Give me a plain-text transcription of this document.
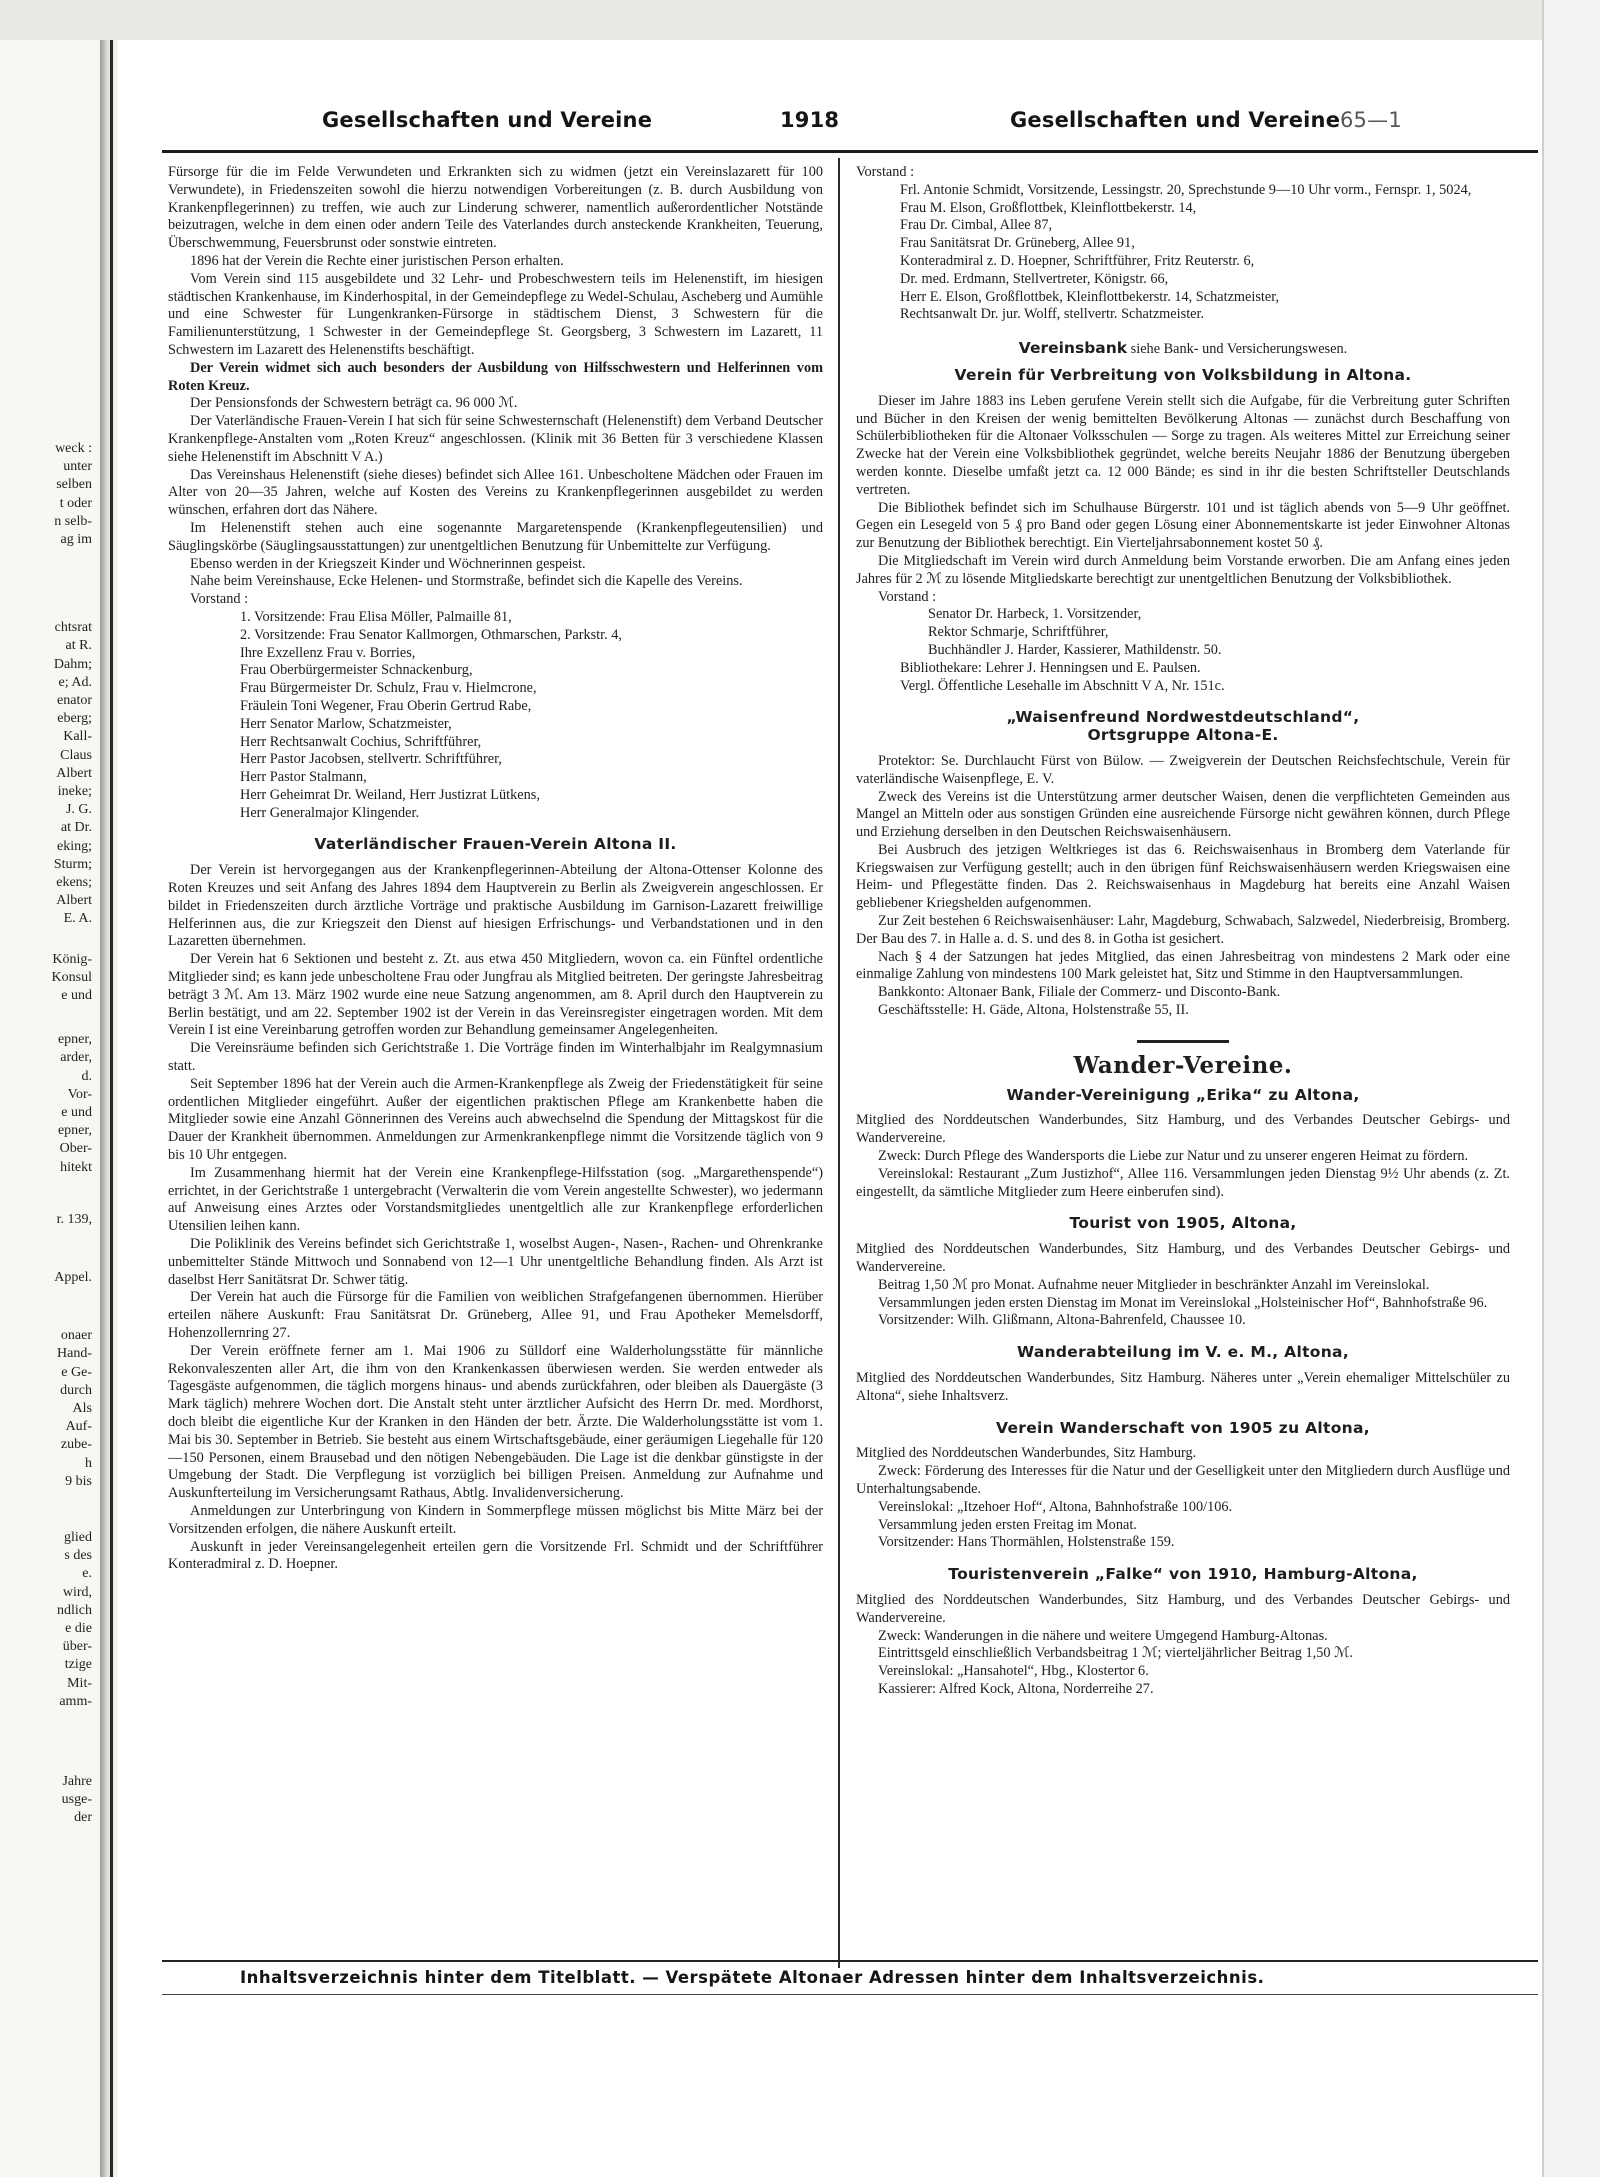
weck :
unter
selben
t oder
n selb-
ag im
chtsrat
at R.
Dahm;
e; Ad.
enator
eberg;
Kall-
Claus
Albert
ineke;
J. G.
at Dr.
eking;
Sturm;
ekens;
Albert
E. A.
König-
Konsul
e und
epner,
arder,
d.
Vor-
e und
epner,
Ober-
hitekt
r. 139,
Appel.
onaer
Hand-
e Ge-
durch
Als
Auf-
zube-
h
9 bis
glied
s des
e.
wird,
ndlich
e die
über-
tzige
Mit-
amm-
Jahre
usge-
der
Gesellschaften und Vereine	1918	Gesellschaften und Vereine 65—1

Fürsorge für die im Felde Verwundeten und Erkrankten sich zu widmen (jetzt ein Vereinslazarett für 100 Verwundete), in Friedenszeiten sowohl die hierzu notwendigen Vorbereitungen (z. B. durch Ausbildung von Krankenpflegerinnen) zu treffen, wie auch zur Linderung schwerer, namentlich außerordentlicher Notstände beizutragen, welche in dem einen oder andern Teile des Vaterlandes durch ansteckende Krankheiten, Teuerung, Überschwemmung, Feuersbrunst oder sonstwie eintreten.

1896 hat der Verein die Rechte einer juristischen Person erhalten.

Vom Verein sind 115 ausgebildete und 32 Lehr- und Probeschwestern teils im Helenenstift, im hiesigen städtischen Krankenhause, im Kinderhospital, in der Gemeindepflege zu Wedel-Schulau, Ascheberg und Aumühle und eine Schwester für Lungenkranken-Fürsorge in städtischem Dienst, 3 Schwestern für die Familienunterstützung, 1 Schwester in der Gemeindepflege St. Georgsberg, 3 Schwestern im Lazarett, 11 Schwestern im Lazarett des Helenenstifts beschäftigt.

Der Verein widmet sich auch besonders der Ausbildung von Hilfsschwestern und Helferinnen vom Roten Kreuz.

Der Pensionsfonds der Schwestern beträgt ca. 96 000 ℳ.

Der Vaterländische Frauen-Verein I hat sich für seine Schwesternschaft (Helenenstift) dem Verband Deutscher Krankenpflege-Anstalten vom „Roten Kreuz“ angeschlossen. (Klinik mit 36 Betten für 3 verschiedene Klassen siehe Helenenstift im Abschnitt V A.)

Das Vereinshaus Helenenstift (siehe dieses) befindet sich Allee 161. Unbescholtene Mädchen oder Frauen im Alter von 20—35 Jahren, welche auf Kosten des Vereins zu Krankenpflegerinnen ausgebildet zu werden wünschen, erfahren dort das Nähere.

Im Helenenstift stehen auch eine sogenannte Margaretenspende (Krankenpflegeutensilien) und Säuglingskörbe (Säuglingsausstattungen) zur unentgeltlichen Benutzung für Unbemittelte zur Verfügung.

Ebenso werden in der Kriegszeit Kinder und Wöchnerinnen gespeist.

Nahe beim Vereinshause, Ecke Helenen- und Stormstraße, befindet sich die Kapelle des Vereins.

Vorstand :

1. Vorsitzende: Frau Elisa Möller, Palmaille 81,
2. Vorsitzende: Frau Senator Kallmorgen, Othmarschen, Parkstr. 4,
Ihre Exzellenz Frau v. Borries,
Frau Oberbürgermeister Schnackenburg,
Frau Bürgermeister Dr. Schulz, Frau v. Hielmcrone,
Fräulein Toni Wegener, Frau Oberin Gertrud Rabe,
Herr Senator Marlow, Schatzmeister,
Herr Rechtsanwalt Cochius, Schriftführer,
Herr Pastor Jacobsen, stellvertr. Schriftführer,
Herr Pastor Stalmann,
Herr Geheimrat Dr. Weiland, Herr Justizrat Lütkens,
Herr Generalmajor Klingender.
Vaterländischer Frauen-Verein Altona II.

Der Verein ist hervorgegangen aus der Krankenpflegerinnen-Abteilung der Altona-Ottenser Kolonne des Roten Kreuzes und seit Anfang des Jahres 1894 dem Hauptverein zu Berlin als Zweigverein angeschlossen. Er bildet in Friedenszeiten durch ärztliche Vorträge und praktische Ausbildung im Garnison-Lazarett freiwillige Helferinnen aus, die zur Kriegszeit den Dienst auf hiesigen Erfrischungs- und Verbandstationen und in den Lazaretten übernehmen.

Der Verein hat 6 Sektionen und besteht z. Zt. aus etwa 450 Mitgliedern, wovon ca. ein Fünftel ordentliche Mitglieder sind; es kann jede unbescholtene Frau oder Jungfrau als Mitglied beitreten. Der geringste Jahresbeitrag beträgt 3 ℳ. Am 13. März 1902 wurde eine neue Satzung angenommen, am 8. April durch den Hauptverein zu Berlin bestätigt, und am 22. September 1902 ist der Verein in das Vereinsregister eingetragen worden. Mit dem Verein I ist eine Vereinbarung getroffen worden zur Behandlung gemeinsamer Angelegenheiten.

Die Vereinsräume befinden sich Gerichtstraße 1. Die Vorträge finden im Winterhalbjahr im Realgymnasium statt.

Seit September 1896 hat der Verein auch die Armen-Krankenpflege als Zweig der Friedenstätigkeit für seine ordentlichen Mitglieder eingeführt. Außer der eigentlichen praktischen Pflege am Krankenbette haben die Mitglieder sowie eine Anzahl Gönnerinnen des Vereins auch abwechselnd die Spendung der Mittagskost für die Dauer der Krankheit übernommen. Anmeldungen zur Armenkrankenpflege nimmt die Vorsitzende täglich von 9 bis 10 Uhr entgegen.

Im Zusammenhang hiermit hat der Verein eine Krankenpflege-Hilfsstation (sog. „Margarethenspende“) errichtet, in der Gerichtstraße 1 untergebracht (Verwalterin die vom Verein angestellte Schwester), wo jedermann auf Anweisung eines Arztes oder Vorstandsmitgliedes unentgeltlich alle zur Krankenpflege erforderlichen Utensilien leihen kann.

Die Poliklinik des Vereins befindet sich Gerichtstraße 1, woselbst Augen-, Nasen-, Rachen- und Ohrenkranke unbemittelter Stände Mittwoch und Sonnabend von 12—1 Uhr unentgeltliche Behandlung finden. Als Arzt ist daselbst Herr Sanitätsrat Dr. Schwer tätig.

Der Verein hat auch die Fürsorge für die Familien von weiblichen Strafgefangenen übernommen. Hierüber erteilen nähere Auskunft: Frau Sanitätsrat Dr. Grüneberg, Allee 91, und Frau Apotheker Memelsdorff, Hohenzollernring 27.

Der Verein eröffnete ferner am 1. Mai 1906 zu Sülldorf eine Walderholungsstätte für männliche Rekonvaleszenten aller Art, die ihm von den Krankenkassen überwiesen werden. Sie werden entweder als Tagesgäste aufgenommen, die täglich morgens hinaus- und abends zurückfahren, oder bleiben als Dauergäste (3 Mark täglich) mehrere Wochen dort. Die Anstalt steht unter ärztlicher Aufsicht des Herrn Dr. med. Mordhorst, doch bleibt die eigentliche Kur der Kranken in den Händen der betr. Ärzte. Die Walderholungsstätte ist vom 1. Mai bis 30. September in Betrieb. Sie besteht aus einem Wirtschaftsgebäude, einer geräumigen Liegehalle für 120—150 Personen, einem Brausebad und den nötigen Nebengebäuden. Die Lage ist die denkbar günstigste in der Umgebung der Stadt. Die Verpflegung ist vorzüglich bei billigen Preisen. Anmeldung zur Aufnahme und Auskunfterteilung im Versicherungsamt Rathaus, Abtlg. Invalidenversicherung.

Anmeldungen zur Unterbringung von Kindern in Sommerpflege müssen möglichst bis Mitte März bei der Vorsitzenden erfolgen, die nähere Auskunft erteilt.

Auskunft in jeder Vereinsangelegenheit erteilen gern die Vorsitzende Frl. Schmidt und der Schriftführer Konteradmiral z. D. Hoepner.

Vorstand :

Frl. Antonie Schmidt, Vorsitzende, Lessingstr. 20, Sprechstunde 9—10 Uhr vorm., Fernspr. 1, 5024,
Frau M. Elson, Großflottbek, Kleinflottbekerstr. 14,
Frau Dr. Cimbal, Allee 87,
Frau Sanitätsrat Dr. Grüneberg, Allee 91,
Konteradmiral z. D. Hoepner, Schriftführer, Fritz Reuterstr. 6,
Dr. med. Erdmann, Stellvertreter, Königstr. 66,
Herr E. Elson, Großflottbek, Kleinflottbekerstr. 14, Schatzmeister,
Rechtsanwalt Dr. jur. Wolff, stellvertr. Schatzmeister.
Vereinsbank siehe Bank- und Versicherungswesen.
Verein für Verbreitung von Volksbildung in Altona.

Dieser im Jahre 1883 ins Leben gerufene Verein stellt sich die Aufgabe, für die Verbreitung guter Schriften und Bücher in den Kreisen der wenig bemittelten Bevölkerung Altonas — zunächst durch Beschaffung von Schülerbibliotheken für die Altonaer Volksschulen — Sorge zu tragen. Als weiteres Mittel zur Erreichung seiner Zwecke hat der Verein eine Volksbibliothek gegründet, welche bereits Neujahr 1886 der Benutzung übergeben werden konnte. Dieselbe umfaßt jetzt ca. 12 000 Bände; es sind in ihr die besten Schriftsteller Deutschlands vertreten.

Die Bibliothek befindet sich im Schulhause Bürgerstr. 101 und ist täglich abends von 5—9 Uhr geöffnet. Gegen ein Lesegeld von 5 ₰ pro Band oder gegen Lösung einer Abonnementskarte ist jeder Einwohner Altonas zur Benutzung der Bibliothek berechtigt. Ein Vierteljahrsabonnement kostet 50 ₰.

Die Mitgliedschaft im Verein wird durch Anmeldung beim Vorstande erworben. Die am Anfang eines jeden Jahres für 2 ℳ zu lösende Mitgliedskarte berechtigt zur unentgeltlichen Benutzung der Volksbibliothek.

Vorstand :

Senator Dr. Harbeck, 1. Vorsitzender,
Rektor Schmarje, Schriftführer,
Buchhändler J. Harder, Kassierer, Mathildenstr. 50.
Bibliothekare: Lehrer J. Henningsen und E. Paulsen.
Vergl. Öffentliche Lesehalle im Abschnitt V A, Nr. 151c.
„Waisenfreund Nordwestdeutschland“,
Ortsgruppe Altona-E.

Protektor: Se. Durchlaucht Fürst von Bülow. — Zweigverein der Deutschen Reichsfechtschule, Verein für vaterländische Waisenpflege, E. V.

Zweck des Vereins ist die Unterstützung armer deutscher Waisen, denen die verpflichteten Gemeinden aus Mangel an Mitteln oder aus sonstigen Gründen eine ausreichende Fürsorge nicht gewähren können, durch Pflege und Erziehung derselben in den Deutschen Reichswaisenhäusern.

Bei Ausbruch des jetzigen Weltkrieges ist das 6. Reichswaisenhaus in Bromberg dem Vaterlande für Kriegswaisen zur Verfügung gestellt; auch in den übrigen fünf Reichswaisenhäusern werden Kriegswaisen eine Heim- und Pflegestätte finden. Das 2. Reichswaisenhaus in Magdeburg hat bereits eine Anzahl Waisen gebliebener Kriegshelden aufgenommen.

Zur Zeit bestehen 6 Reichswaisenhäuser: Lahr, Magdeburg, Schwabach, Salzwedel, Niederbreisig, Bromberg. Der Bau des 7. in Halle a. d. S. und des 8. in Gotha ist gesichert.

Nach § 4 der Satzungen hat jedes Mitglied, das einen Jahresbeitrag von mindestens 2 Mark oder eine einmalige Zahlung von mindestens 100 Mark geleistet hat, Sitz und Stimme in den Hauptversammlungen.

Bankkonto: Altonaer Bank, Filiale der Commerz- und Disconto-Bank.
Geschäftsstelle: H. Gäde, Altona, Holstenstraße 55, II.
Wander-Vereine.
Wander-Vereinigung „Erika“ zu Altona,

Mitglied des Norddeutschen Wanderbundes, Sitz Hamburg, und des Verbandes Deutscher Gebirgs- und Wandervereine.

Zweck: Durch Pflege des Wandersports die Liebe zur Natur und zu unserer engeren Heimat zu fördern.

Vereinslokal: Restaurant „Zum Justizhof“, Allee 116. Versammlungen jeden Dienstag 9½ Uhr abends (z. Zt. eingestellt, da sämtliche Mitglieder zum Heere einberufen sind).

Tourist von 1905, Altona,

Mitglied des Norddeutschen Wanderbundes, Sitz Hamburg, und des Verbandes Deutscher Gebirgs- und Wandervereine.

Beitrag 1,50 ℳ pro Monat. Aufnahme neuer Mitglieder in beschränkter Anzahl im Vereinslokal.

Versammlungen jeden ersten Dienstag im Monat im Vereinslokal „Holsteinischer Hof“, Bahnhofstraße 96.

Vorsitzender: Wilh. Glißmann, Altona-Bahrenfeld, Chaussee 10.

Wanderabteilung im V. e. M., Altona,

Mitglied des Norddeutschen Wanderbundes, Sitz Hamburg. Näheres unter „Verein ehemaliger Mittelschüler zu Altona“, siehe Inhaltsverz.

Verein Wanderschaft von 1905 zu Altona,

Mitglied des Norddeutschen Wanderbundes, Sitz Hamburg.

Zweck: Förderung des Interesses für die Natur und der Geselligkeit unter den Mitgliedern durch Ausflüge und Unterhaltungsabende.

Vereinslokal: „Itzehoer Hof“, Altona, Bahnhofstraße 100/106.

Versammlung jeden ersten Freitag im Monat.

Vorsitzender: Hans Thormählen, Holstenstraße 159.

Touristenverein „Falke“ von 1910, Hamburg-Altona,

Mitglied des Norddeutschen Wanderbundes, Sitz Hamburg, und des Verbandes Deutscher Gebirgs- und Wandervereine.

Zweck: Wanderungen in die nähere und weitere Umgegend Hamburg-Altonas.

Eintrittsgeld einschließlich Verbandsbeitrag 1 ℳ; vierteljährlicher Beitrag 1,50 ℳ.

Vereinslokal: „Hansahotel“, Hbg., Klostertor 6.

Kassierer: Alfred Kock, Altona, Norderreihe 27.

Inhaltsverzeichnis hinter dem Titelblatt. — Verspätete Altonaer Adressen hinter dem Inhaltsverzeichnis.
